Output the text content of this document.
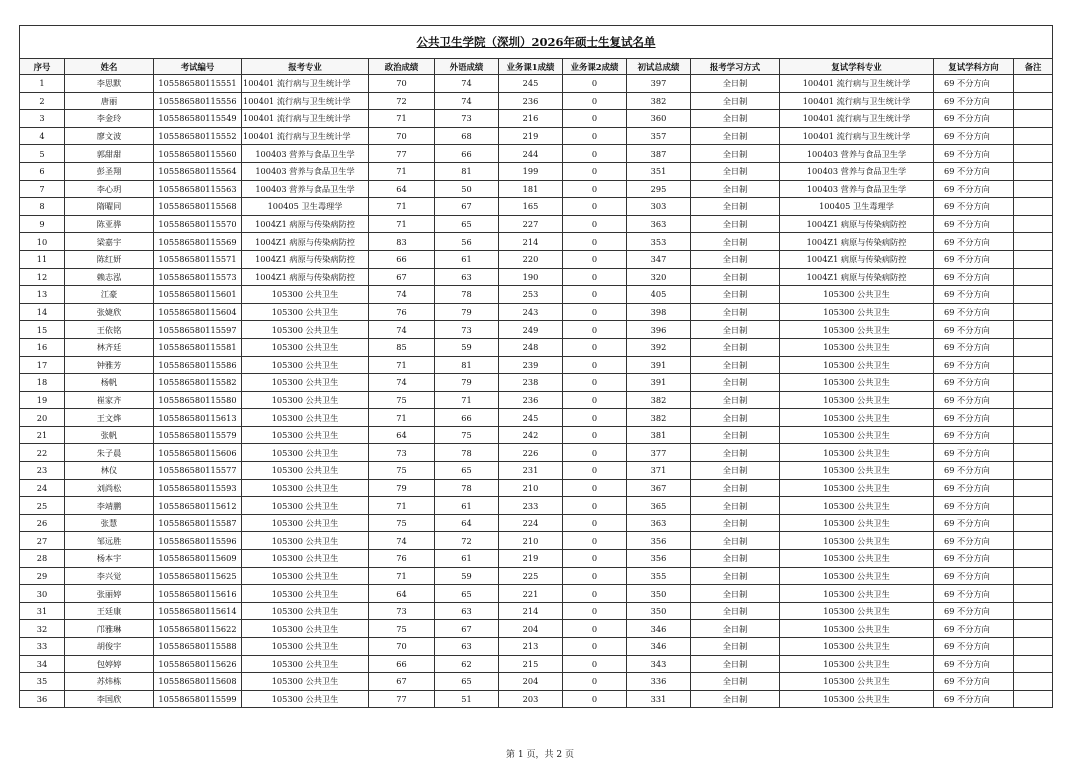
公共卫生学院（深圳）2026年硕士生复试名单												
序号	姓名	考试编号	报考专业	政治成绩	外语成绩	业务课1成绩	业务课2成绩	初试总成绩	报考学习方式	复试学科专业	复试学科方向	备注
1	李思默	105586580115551	100401 流行病与卫生统计学	70	74	245	0	397	全日制	100401 流行病与卫生统计学	69 不分方向	
2	唐丽	105586580115556	100401 流行病与卫生统计学	72	74	236	0	382	全日制	100401 流行病与卫生统计学	69 不分方向	
3	李金玲	105586580115549	100401 流行病与卫生统计学	71	73	216	0	360	全日制	100401 流行病与卫生统计学	69 不分方向	
4	廖文波	105586580115552	100401 流行病与卫生统计学	70	68	219	0	357	全日制	100401 流行病与卫生统计学	69 不分方向	
5	郭甜甜	105586580115560	100403 营养与食品卫生学	77	66	244	0	387	全日制	100403 营养与食品卫生学	69 不分方向	
6	彭圣翔	105586580115564	100403 营养与食品卫生学	71	81	199	0	351	全日制	100403 营养与食品卫生学	69 不分方向	
7	李心玥	105586580115563	100403 营养与食品卫生学	64	50	181	0	295	全日制	100403 营养与食品卫生学	69 不分方向	
8	隋曜同	105586580115568	100405 卫生毒理学	71	67	165	0	303	全日制	100405 卫生毒理学	69 不分方向	
9	陈亚骅	105586580115570	1004Z1 病原与传染病防控	71	65	227	0	363	全日制	1004Z1 病原与传染病防控	69 不分方向	
10	梁嘉宇	105586580115569	1004Z1 病原与传染病防控	83	56	214	0	353	全日制	1004Z1 病原与传染病防控	69 不分方向	
11	陈红妍	105586580115571	1004Z1 病原与传染病防控	66	61	220	0	347	全日制	1004Z1 病原与传染病防控	69 不分方向	
12	赖志泓	105586580115573	1004Z1 病原与传染病防控	67	63	190	0	320	全日制	1004Z1 病原与传染病防控	69 不分方向	
13	江豪	105586580115601	105300 公共卫生	74	78	253	0	405	全日制	105300 公共卫生	69 不分方向	
14	张婕欣	105586580115604	105300 公共卫生	76	79	243	0	398	全日制	105300 公共卫生	69 不分方向	
15	王依铭	105586580115597	105300 公共卫生	74	73	249	0	396	全日制	105300 公共卫生	69 不分方向	
16	林齐廷	105586580115581	105300 公共卫生	85	59	248	0	392	全日制	105300 公共卫生	69 不分方向	
17	钟雅芳	105586580115586	105300 公共卫生	71	81	239	0	391	全日制	105300 公共卫生	69 不分方向	
18	杨帆	105586580115582	105300 公共卫生	74	79	238	0	391	全日制	105300 公共卫生	69 不分方向	
19	崔家齐	105586580115580	105300 公共卫生	75	71	236	0	382	全日制	105300 公共卫生	69 不分方向	
20	王文烨	105586580115613	105300 公共卫生	71	66	245	0	382	全日制	105300 公共卫生	69 不分方向	
21	张帆	105586580115579	105300 公共卫生	64	75	242	0	381	全日制	105300 公共卫生	69 不分方向	
22	朱子晨	105586580115606	105300 公共卫生	73	78	226	0	377	全日制	105300 公共卫生	69 不分方向	
23	林仪	105586580115577	105300 公共卫生	75	65	231	0	371	全日制	105300 公共卫生	69 不分方向	
24	刘尚松	105586580115593	105300 公共卫生	79	78	210	0	367	全日制	105300 公共卫生	69 不分方向	
25	李靖鹏	105586580115612	105300 公共卫生	71	61	233	0	365	全日制	105300 公共卫生	69 不分方向	
26	张慧	105586580115587	105300 公共卫生	75	64	224	0	363	全日制	105300 公共卫生	69 不分方向	
27	邹远胜	105586580115596	105300 公共卫生	74	72	210	0	356	全日制	105300 公共卫生	69 不分方向	
28	杨本宇	105586580115609	105300 公共卫生	76	61	219	0	356	全日制	105300 公共卫生	69 不分方向	
29	李兴觉	105586580115625	105300 公共卫生	71	59	225	0	355	全日制	105300 公共卫生	69 不分方向	
30	张丽婷	105586580115616	105300 公共卫生	64	65	221	0	350	全日制	105300 公共卫生	69 不分方向	
31	王廷康	105586580115614	105300 公共卫生	73	63	214	0	350	全日制	105300 公共卫生	69 不分方向	
32	邝雅琳	105586580115622	105300 公共卫生	75	67	204	0	346	全日制	105300 公共卫生	69 不分方向	
33	胡俊宇	105586580115588	105300 公共卫生	70	63	213	0	346	全日制	105300 公共卫生	69 不分方向	
34	包婷婷	105586580115626	105300 公共卫生	66	62	215	0	343	全日制	105300 公共卫生	69 不分方向	
35	苏炜栋	105586580115608	105300 公共卫生	67	65	204	0	336	全日制	105300 公共卫生	69 不分方向	
36	李国欣	105586580115599	105300 公共卫生	77	51	203	0	331	全日制	105300 公共卫生	69 不分方向	
第 1 页，共 2 页
